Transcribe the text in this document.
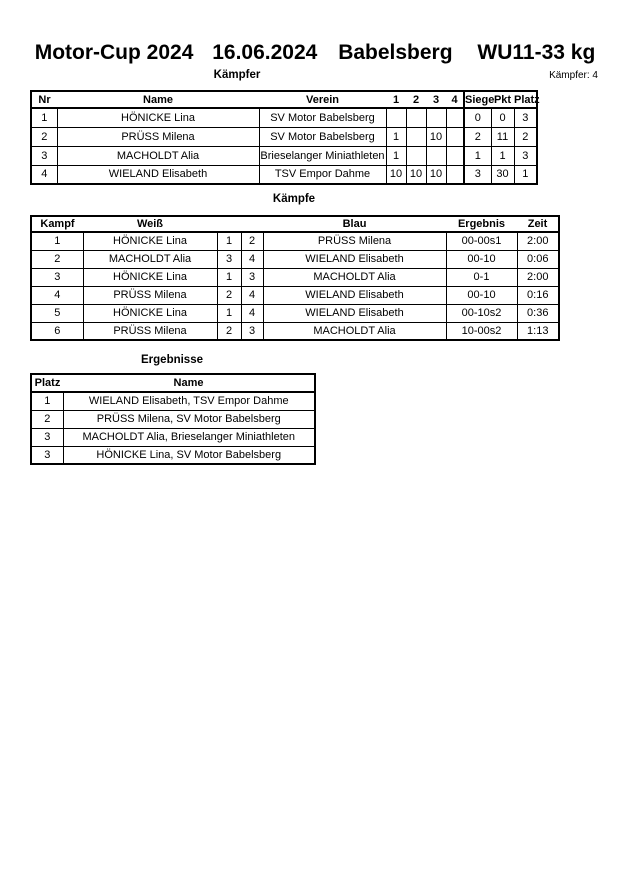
Motor-Cup 2024 16.06.2024 Babelsberg WU11-33 kg
Kämpfer	Kämpfer: 4
Nr	Name	Verein	1	2	3	4	Siege	Pkt	Platz
1	HÖNICKE Lina	SV Motor Babelsberg					0	0	3
2	PRÜSS Milena	SV Motor Babelsberg	1		10		2	11	2
3	MACHOLDT Alia	Brieselanger Miniathleten	1				1	1	3
4	WIELAND Elisabeth	TSV Empor Dahme	10	10	10		3	30	1
Kämpfe
Kampf	Weiß			Blau	Ergebnis	Zeit
1	HÖNICKE Lina	1	2	PRÜSS Milena	00-00s1	2:00
2	MACHOLDT Alia	3	4	WIELAND Elisabeth	00-10	0:06
3	HÖNICKE Lina	1	3	MACHOLDT Alia	0-1	2:00
4	PRÜSS Milena	2	4	WIELAND Elisabeth	00-10	0:16
5	HÖNICKE Lina	1	4	WIELAND Elisabeth	00-10s2	0:36
6	PRÜSS Milena	2	3	MACHOLDT Alia	10-00s2	1:13
Ergebnisse
Platz	Name
1	WIELAND Elisabeth, TSV Empor Dahme
2	PRÜSS Milena, SV Motor Babelsberg
3	MACHOLDT Alia, Brieselanger Miniathleten
3	HÖNICKE Lina, SV Motor Babelsberg
